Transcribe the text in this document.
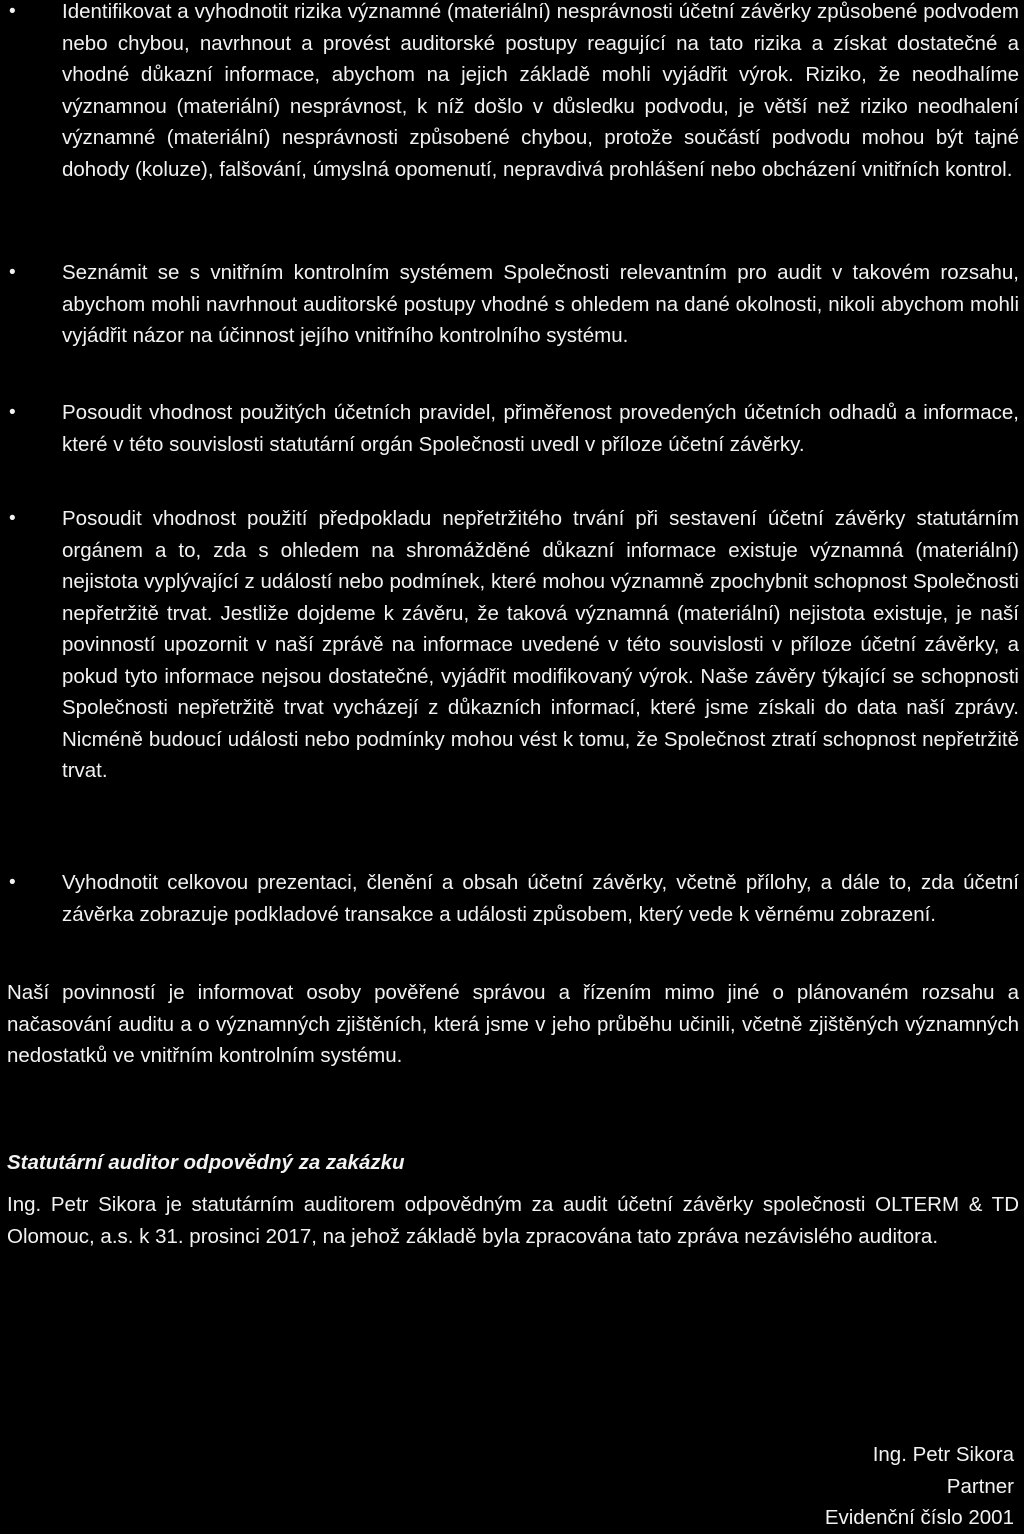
• Identifikovat a vyhodnotit rizika významné (materiální) nesprávnosti účetní závěrky způsobené podvodem nebo chybou, navrhnout a provést auditorské postupy reagující na tato rizika a získat dostatečné a vhodné důkazní informace, abychom na jejich základě mohli vyjádřit výrok. Riziko, že neodhalíme významnou (materiální) nesprávnost, k níž došlo v důsledku podvodu, je větší než riziko neodhalení významné (materiální) nesprávnosti způsobené chybou, protože součástí podvodu mohou být tajné dohody (koluze), falšování, úmyslná opomenutí, nepravdivá prohlášení nebo obcházení vnitřních kontrol.

• Seznámit se s vnitřním kontrolním systémem Společnosti relevantním pro audit v takovém rozsahu, abychom mohli navrhnout auditorské postupy vhodné s ohledem na dané okolnosti, nikoli abychom mohli vyjádřit názor na účinnost jejího vnitřního kontrolního systému.

• Posoudit vhodnost použitých účetních pravidel, přiměřenost provedených účetních odhadů a informace, které v této souvislosti statutární orgán Společnosti uvedl v příloze účetní závěrky.

• Posoudit vhodnost použití předpokladu nepřetržitého trvání při sestavení účetní závěrky statutárním orgánem a to, zda s ohledem na shromážděné důkazní informace existuje významná (materiální) nejistota vyplývající z událostí nebo podmínek, které mohou významně zpochybnit schopnost Společnosti nepřetržitě trvat. Jestliže dojdeme k závěru, že taková významná (materiální) nejistota existuje, je naší povinností upozornit v naší zprávě na informace uvedené v této souvislosti v příloze účetní závěrky, a pokud tyto informace nejsou dostatečné, vyjádřit modifikovaný výrok. Naše závěry týkající se schopnosti Společnosti nepřetržitě trvat vycházejí z důkazních informací, které jsme získali do data naší zprávy. Nicméně budoucí události nebo podmínky mohou vést k tomu, že Společnost ztratí schopnost nepřetržitě trvat.

• Vyhodnotit celkovou prezentaci, členění a obsah účetní závěrky, včetně přílohy, a dále to, zda účetní závěrka zobrazuje podkladové transakce a události způsobem, který vede k věrnému zobrazení.

Naší povinností je informovat osoby pověřené správou a řízením mimo jiné o plánovaném rozsahu a načasování auditu a o významných zjištěních, která jsme v jeho průběhu učinili, včetně zjištěných významných nedostatků ve vnitřním kontrolním systému.

Statutární auditor odpovědný za zakázku

Ing. Petr Sikora je statutárním auditorem odpovědným za audit účetní závěrky společnosti OLTERM & TD Olomouc, a.s. k 31. prosinci 2017, na jehož základě byla zpracována tato zpráva nezávislého auditora.

Ing. Petr Sikora
Partner
Evidenční číslo 2001
